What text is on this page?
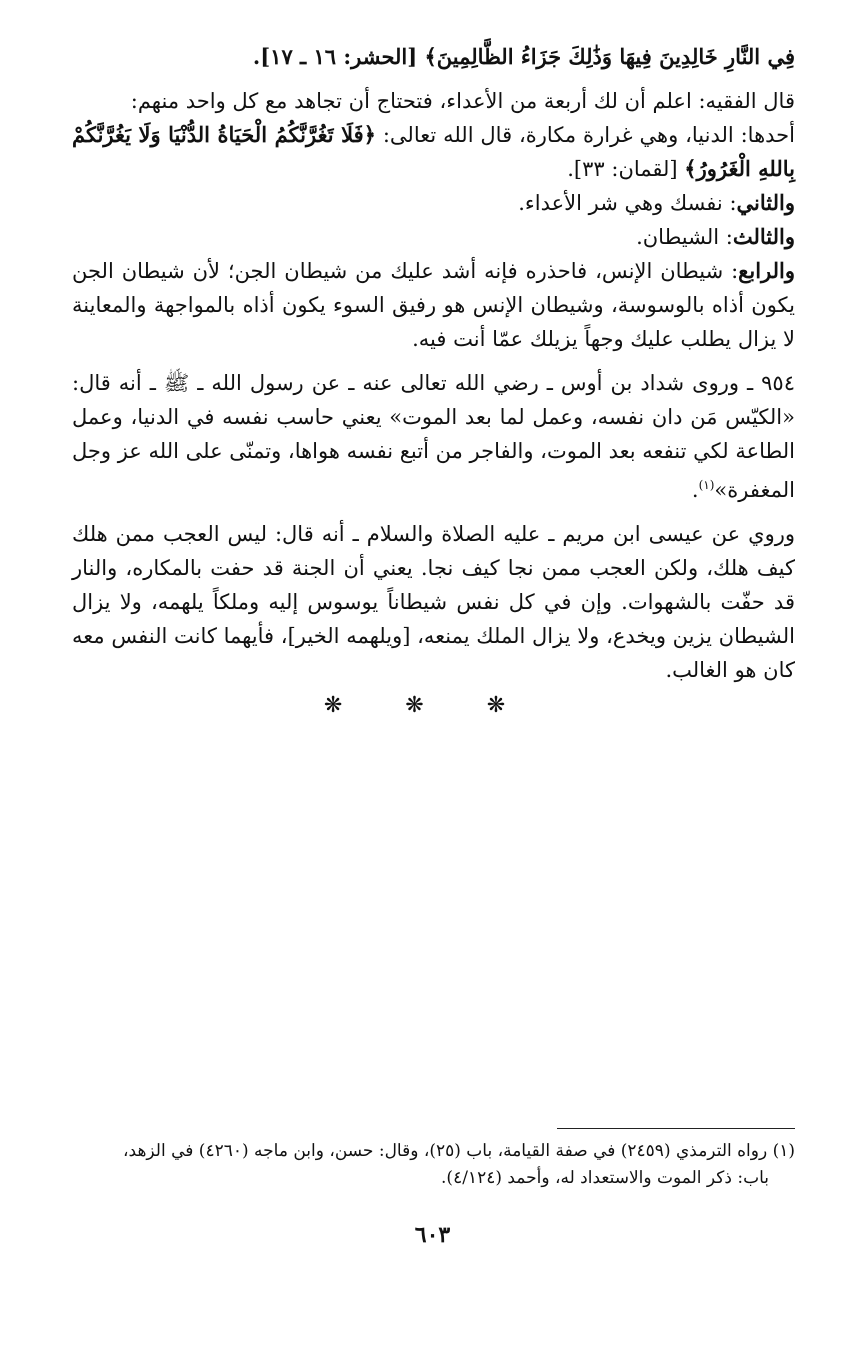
فِي النَّارِ خَالِدِينَ فِيهَا وَذَٰلِكَ جَزَاءُ الظَّالِمِينَ﴾ [الحشر: ١٦ ـ ١٧].

قال الفقيه: اعلم أن لك أربعة من الأعداء، فتحتاج أن تجاهد مع كل واحد منهم:

أحدها: الدنيا، وهي غرارة مكارة، قال الله تعالى: ﴿فَلَا تَغُرَّنَّكُمُ الْحَيَاةُ الدُّنْيَا وَلَا يَغُرَّنَّكُمْ بِاللهِ الْغَرُورُ﴾ [لقمان: ٣٣].

والثاني: نفسك وهي شر الأعداء.

والثالث: الشيطان.

والرابع: شيطان الإنس، فاحذره فإنه أشد عليك من شيطان الجن؛ لأن شيطان الجن يكون أذاه بالوسوسة، وشيطان الإنس هو رفيق السوء يكون أذاه بالمواجهة والمعاينة لا يزال يطلب عليك وجهاً يزيلك عمّا أنت فيه.

٩٥٤ ـ وروى شداد بن أوس ـ رضي الله تعالى عنه ـ عن رسول الله ـ ﷺ ـ أنه قال: «الكيّس مَن دان نفسه، وعمل لما بعد الموت» يعني حاسب نفسه في الدنيا، وعمل الطاعة لكي تنفعه بعد الموت، والفاجر من أتبع نفسه هواها، وتمنّى على الله عز وجل المغفرة»$^{(١)}$.

وروي عن عيسى ابن مريم ـ عليه الصلاة والسلام ـ أنه قال: ليس العجب ممن هلك كيف هلك، ولكن العجب ممن نجا كيف نجا. يعني أن الجنة قد حفت بالمكاره، والنار قد حفّت بالشهوات. وإن في كل نفس شيطاناً يوسوس إليه وملكاً يلهمه، ولا يزال الشيطان يزين ويخدع، ولا يزال الملك يمنعه، [ويلهمه الخير]، فأيهما كانت النفس معه كان هو الغالب.

❋ ❋ ❋

(١) رواه الترمذي (٢٤٥٩) في صفة القيامة، باب (٢٥)، وقال: حسن، وابن ماجه (٤٢٦٠) في الزهد،

باب: ذكر الموت والاستعداد له، وأحمد (٤/١٢٤).

٦٠٣
